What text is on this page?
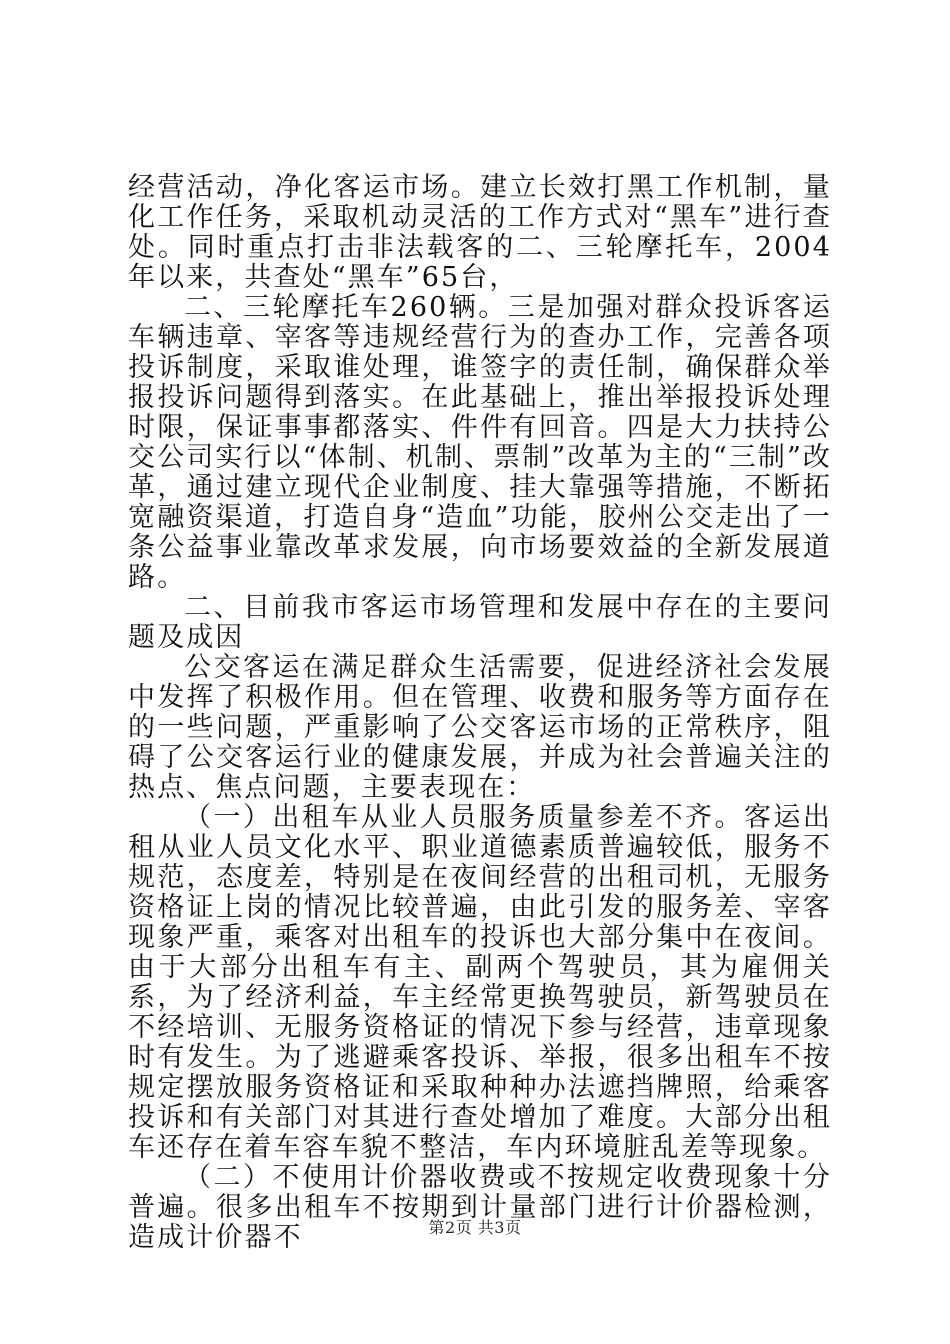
经营活动，净化客运市场。建立长效打黑工作机制，量化工作任务，采取机动灵活的工作方式对“黑车”进行查处。同时重点打击非法载客的二、三轮摩托车，2004年以来，共查处“黑车”65台，

二、三轮摩托车260辆。三是加强对群众投诉客运车辆违章、宰客等违规经营行为的查办工作，完善各项投诉制度，采取谁处理，谁签字的责任制，确保群众举报投诉问题得到落实。在此基础上，推出举报投诉处理时限，保证事事都落实、件件有回音。四是大力扶持公交公司实行以“体制、机制、票制”改革为主的“三制”改革，通过建立现代企业制度、挂大靠强等措施，不断拓宽融资渠道，打造自身“造血”功能，胶州公交走出了一条公益事业靠改革求发展，向市场要效益的全新发展道路。

二、目前我市客运市场管理和发展中存在的主要问题及成因

公交客运在满足群众生活需要，促进经济社会发展中发挥了积极作用。但在管理、收费和服务等方面存在的一些问题，严重影响了公交客运市场的正常秩序，阻碍了公交客运行业的健康发展，并成为社会普遍关注的热点、焦点问题，主要表现在：

（一）出租车从业人员服务质量参差不齐。客运出租从业人员文化水平、职业道德素质普遍较低，服务不规范，态度差，特别是在夜间经营的出租司机，无服务资格证上岗的情况比较普遍，由此引发的服务差、宰客现象严重，乘客对出租车的投诉也大部分集中在夜间。由于大部分出租车有主、副两个驾驶员，其为雇佣关系，为了经济利益，车主经常更换驾驶员，新驾驶员在不经培训、无服务资格证的情况下参与经营，违章现象时有发生。为了逃避乘客投诉、举报，很多出租车不按规定摆放服务资格证和采取种种办法遮挡牌照，给乘客投诉和有关部门对其进行查处增加了难度。大部分出租车还存在着车容车貌不整洁，车内环境脏乱差等现象。

（二）不使用计价器收费或不按规定收费现象十分普遍。很多出租车不按期到计量部门进行计价器检测，造成计价器不	第2页 共3页
